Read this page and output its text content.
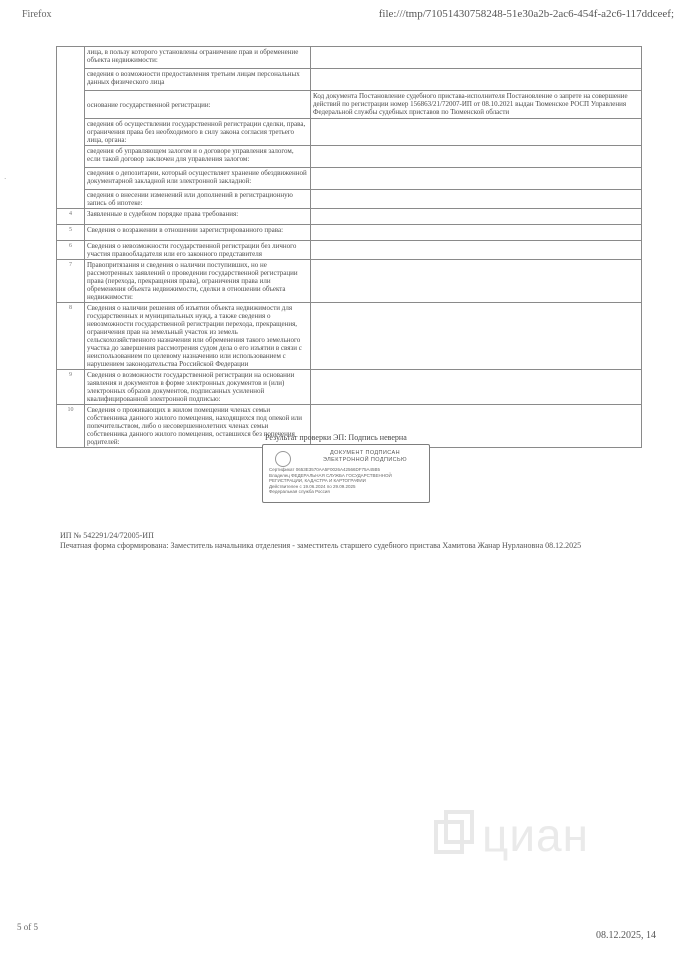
Firefox	file:///tmp/71051430758248-51e30a2b-2ac6-454f-a2c6-117ddceef;
·
	лица, в пользу которого установлены ограничение прав и обременение объекта недвижимости:	
	сведения о возможности предоставления третьим лицам персональных данных физического лица	
	основание государственной регистрации:	Код документа Постановление судебного пристава-исполнителя Постановление о запрете на совершение действий по регистрации номер 156863/21/72007-ИП от 08.10.2021 выдан Тюменское РОСП Управления Федеральной службы судебных приставов по Тюменской области
	сведения об осуществлении государственной регистрации сделки, права, ограничения права без необходимого в силу закона согласия третьего лица, органа:	
	сведения об управляющем залогом и о договоре управления залогом, если такой договор заключен для управления залогом:	
	сведения о депозитарии, который осуществляет хранение обездвиженной документарной закладной или электронной закладной:	
	сведения о внесении изменений или дополнений в регистрационную запись об ипотеке:	
4	Заявленные в судебном порядке права требования:	
5	Сведения о возражении в отношении зарегистрированного права:	
6	Сведения о невозможности государственной регистрации без личного участия правообладателя или его законного представителя	
7	Правопритязания и сведения о наличии поступивших, но не рассмотренных заявлений о проведении государственной регистрации права (перехода, прекращения права), ограничения права или обременения объекта недвижимости, сделки в отношении объекта недвижимости:	
8	Сведения о наличии решения об изъятии объекта недвижимости для государственных и муниципальных нужд, а также сведения о невозможности государственной регистрации перехода, прекращения, ограничения прав на земельный участок из земель сельскохозяйственного назначения или обременения такого земельного участка до завершения рассмотрения судом дела о его изъятии в связи с неиспользованием по целевому назначению или использованием с нарушением законодательства Российской Федерации	
9	Сведения о возможности государственной регистрации на основании заявления и документов в форме электронных документов и (или) электронных образов документов, подписанных усиленной квалифицированной электронной подписью:	
10	Сведения о проживающих в жилом помещении членах семьи собственника данного жилого помещения, находящихся под опекой или попечительством, либо о несовершеннолетних членах семьи собственника данного жилого помещения, оставшихся без попечения родителей:		Результат проверки ЭП: Подпись неверна
ДОКУМЕНТ ПОДПИСАН ЭЛЕКТРОННОЙ ПОДПИСЬЮ
Сертификат 0653E3570AA5F0026A42566DF75A45B5
Владелец ФЕДЕРАЛЬНАЯ СЛУЖБА ГОСУДАРСТВЕННОЙ
РЕГИСТРАЦИИ, КАДАСТРА И КАРТОГРАФИИ
Действителен с 19.06.2024 по 29.09.2025
Федеральная служба Россия
ИП № 542291/24/72005-ИП
Печатная форма сформирована: Заместитель начальника отделения - заместитель старшего судебного пристава Хамитова Жанар Нурлановна 08.12.2025
циан
5 of 5
08.12.2025, 14
